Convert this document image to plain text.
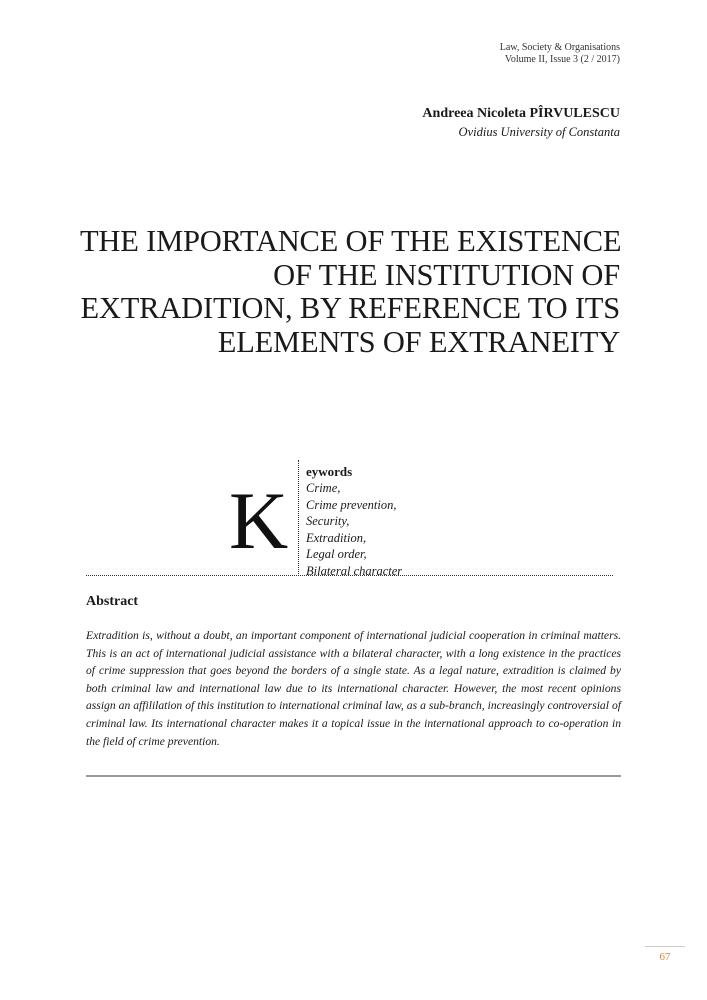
Law, Society & Organisations
Volume II, Issue 3 (2 / 2017)
Andreea Nicoleta PÎRVULESCU
Ovidius University of Constanta
THE IMPORTANCE OF THE EXISTENCE
OF THE INSTITUTION OF
EXTRADITION, BY REFERENCE TO ITS
ELEMENTS OF EXTRANEITY
K
eywords
Crime,
Crime prevention,
Security,
Extradition,
Legal order,
Bilateral character
Abstract

Extradition is, without a doubt, an important component of international judicial cooperation in criminal matters. This is an act of international judicial assistance with a bilateral character, with a long existence in the practices of crime suppression that goes beyond the borders of a single state. As a legal nature, extradition is claimed by both criminal law and international law due to its international character. However, the most recent opinions assign an affililation of this institution to international criminal law, as a sub-branch, increasingly controversial of criminal law. Its international character makes it a topical issue in the international approach to co-operation in the field of crime prevention.

67
